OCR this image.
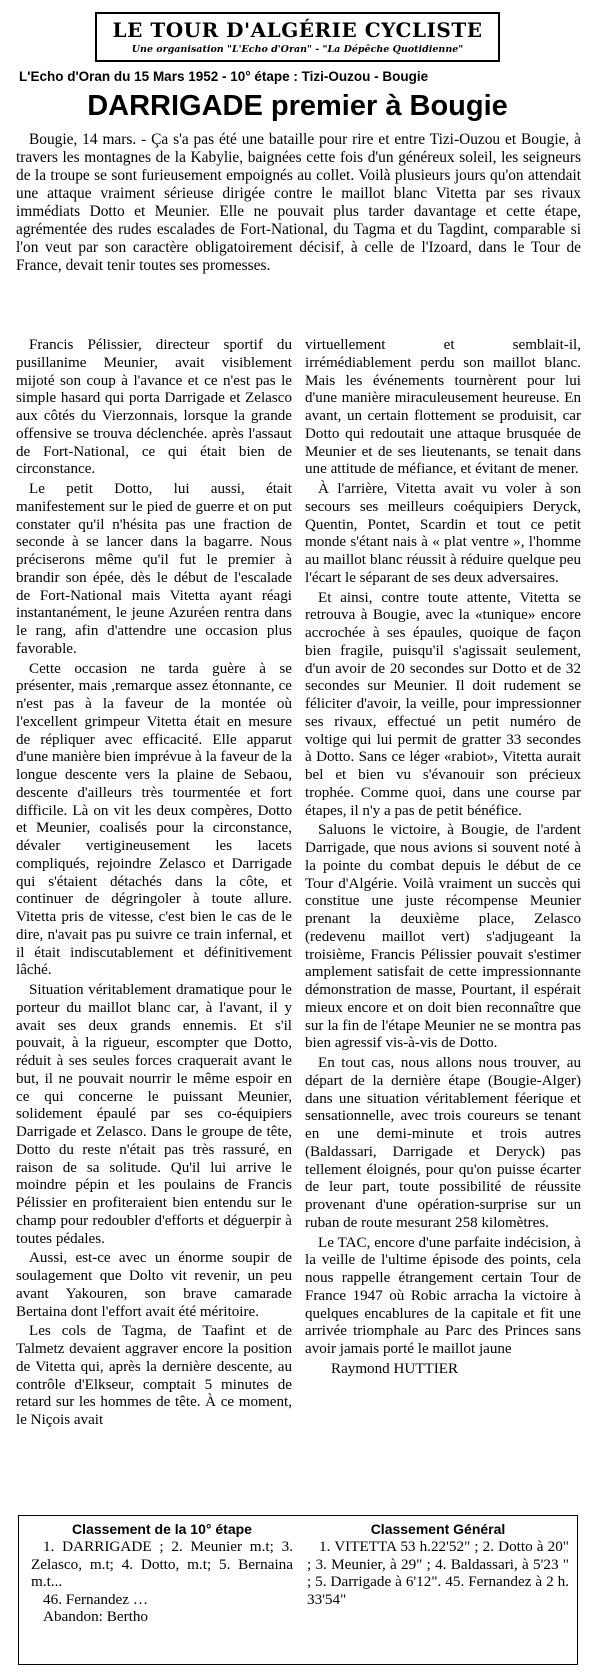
LE TOUR D'ALGÉRIE CYCLISTE
Une organisation "L'Echo d'Oran" - "La Dépêche Quotidienne"
L'Echo d'Oran du 15 Mars 1952 - 10° étape : Tizi-Ouzou - Bougie
DARRIGADE premier à Bougie

Bougie, 14 mars. - Ça s'a pas été une bataille pour rire et entre Tizi-Ouzou et Bougie, à travers les montagnes de la Kabylie, baignées cette fois d'un généreux soleil, les seigneurs de la troupe se sont furieusement empoignés au collet. Voilà plusieurs jours qu'on attendait une attaque vraiment sérieuse dirigée contre le maillot blanc Vitetta par ses rivaux immédiats Dotto et Meunier. Elle ne pouvait plus tarder davantage et cette étape, agrémentée des rudes escalades de Fort-National, du Tagma et du Tagdint, comparable si l'on veut par son caractère obligatoirement décisif, à celle de l'Izoard, dans le Tour de France, devait tenir toutes ses promesses.

Francis Pélissier, directeur sportif du pusillanime Meunier, avait visiblement mijoté son coup à l'avance et ce n'est pas le simple hasard qui porta Darrigade et Zelasco aux côtés du Vierzonnais, lorsque la grande offensive se trouva déclenchée. après l'assaut de Fort-National, ce qui était bien de circonstance.

Le petit Dotto, lui aussi, était manifestement sur le pied de guerre et on put constater qu'il n'hésita pas une fraction de seconde à se lancer dans la bagarre. Nous préciserons même qu'il fut le premier à brandir son épée, dès le début de l'escalade de Fort-National mais Vitetta ayant réagi instantanément, le jeune Azuréen rentra dans le rang, afin d'attendre une occasion plus favorable.

Cette occasion ne tarda guère à se présenter, mais ,remarque assez étonnante, ce n'est pas à la faveur de la montée où l'excellent grimpeur Vitetta était en mesure de répliquer avec efficacité. Elle apparut d'une manière bien imprévue à la faveur de la longue descente vers la plaine de Sebaou, descente d'ailleurs très tourmentée et fort difficile. Là on vit les deux compères, Dotto et Meunier, coalisés pour la circonstance, dévaler vertigineusement les lacets compliqués, rejoindre Zelasco et Darrigade qui s'étaient détachés dans la côte, et continuer de dégringoler à toute allure. Vitetta pris de vitesse, c'est bien le cas de le dire, n'avait pas pu suivre ce train infernal, et il était indiscutablement et définitivement lâché.

Situation véritablement dramatique pour le porteur du maillot blanc car, à l'avant, il y avait ses deux grands ennemis. Et s'il pouvait, à la rigueur, escompter que Dotto, réduit à ses seules forces craquerait avant le but, il ne pouvait nourrir le même espoir en ce qui concerne le puissant Meunier, solidement épaulé par ses co-équipiers Darrigade et Zelasco. Dans le groupe de tête, Dotto du reste n'était pas très rassuré, en raison de sa solitude. Qu'il lui arrive le moindre pépin et les poulains de Francis Pélissier en profiteraient bien entendu sur le champ pour redoubler d'efforts et déguerpir à toutes pédales.

Aussi, est-ce avec un énorme soupir de soulagement que Dolto vit revenir, un peu avant Yakouren, son brave camarade Bertaina dont l'effort avait été méritoire.

Les cols de Tagma, de Taafint et de Talmetz devaient aggraver encore la position de Vitetta qui, après la dernière descente, au contrôle d'Elkseur, comptait 5 minutes de retard sur les hommes de tête. À ce moment, le Niçois avait

virtuellement et semblait-il, irrémédiablement perdu son maillot blanc. Mais les événements tournèrent pour lui d'une manière miraculeusement heureuse. En avant, un certain flottement se produisit, car Dotto qui redoutait une attaque brusquée de Meunier et de ses lieutenants, se tenait dans une attitude de méfiance, et évitant de mener.

À l'arrière, Vitetta avait vu voler à son secours ses meilleurs coéquipiers Deryck, Quentin, Pontet, Scardin et tout ce petit monde s'étant nais à « plat ventre », l'homme au maillot blanc réussit à réduire quelque peu l'écart le séparant de ses deux adversaires.

Et ainsi, contre toute attente, Vitetta se retrouva à Bougie, avec la «tunique» encore accrochée à ses épaules, quoique de façon bien fragile, puisqu'il s'agissait seulement, d'un avoir de 20 secondes sur Dotto et de 32 secondes sur Meunier. Il doit rudement se féliciter d'avoir, la veille, pour impressionner ses rivaux, effectué un petit numéro de voltige qui lui permit de gratter 33 secondes à Dotto. Sans ce léger «rabiot», Vitetta aurait bel et bien vu s'évanouir son précieux trophée. Comme quoi, dans une course par étapes, il n'y a pas de petit bénéfice.

Saluons le victoire, à Bougie, de l'ardent Darrigade, que nous avions si souvent noté à la pointe du combat depuis le début de ce Tour d'Algérie. Voilà vraiment un succès qui constitue une juste récompense Meunier prenant la deuxième place, Zelasco (redevenu maillot vert) s'adjugeant la troisième, Francis Pélissier pouvait s'estimer amplement satisfait de cette impressionnante démonstration de masse, Pourtant, il espérait mieux encore et on doit bien reconnaître que sur la fin de l'étape Meunier ne se montra pas bien agressif vis-à-vis de Dotto.

En tout cas, nous allons nous trouver, au départ de la dernière étape (Bougie-Alger) dans une situation véritablement féerique et sensationnelle, avec trois coureurs se tenant en une demi-minute et trois autres (Baldassari, Darrigade et Deryck) pas tellement éloignés, pour qu'on puisse écarter de leur part, toute possibilité de réussite provenant d'une opération-surprise sur un ruban de route mesurant 258 kilomètres.

Le TAC, encore d'une parfaite indécision, à la veille de l'ultime épisode des points, cela nous rappelle étrangement certain Tour de France 1947 où Robic arracha la victoire à quelques encablures de la capitale et fit une arrivée triomphale au Parc des Princes sans avoir jamais porté le maillot jaune

Raymond HUTTIER

Classement de la 10° étape

1. DARRIGADE ; 2. Meunier m.t; 3. Zelasco, m.t; 4. Dotto, m.t; 5. Bernaina m.t...

46. Fernandez …

Abandon: Bertho

Classement Général

1. VITETTA 53 h.22'52" ; 2. Dotto à 20" ; 3. Meunier, à 29" ; 4. Baldassari, à 5'23 " ; 5. Darrigade à 6'12". 45. Fernandez à 2 h. 33'54"
